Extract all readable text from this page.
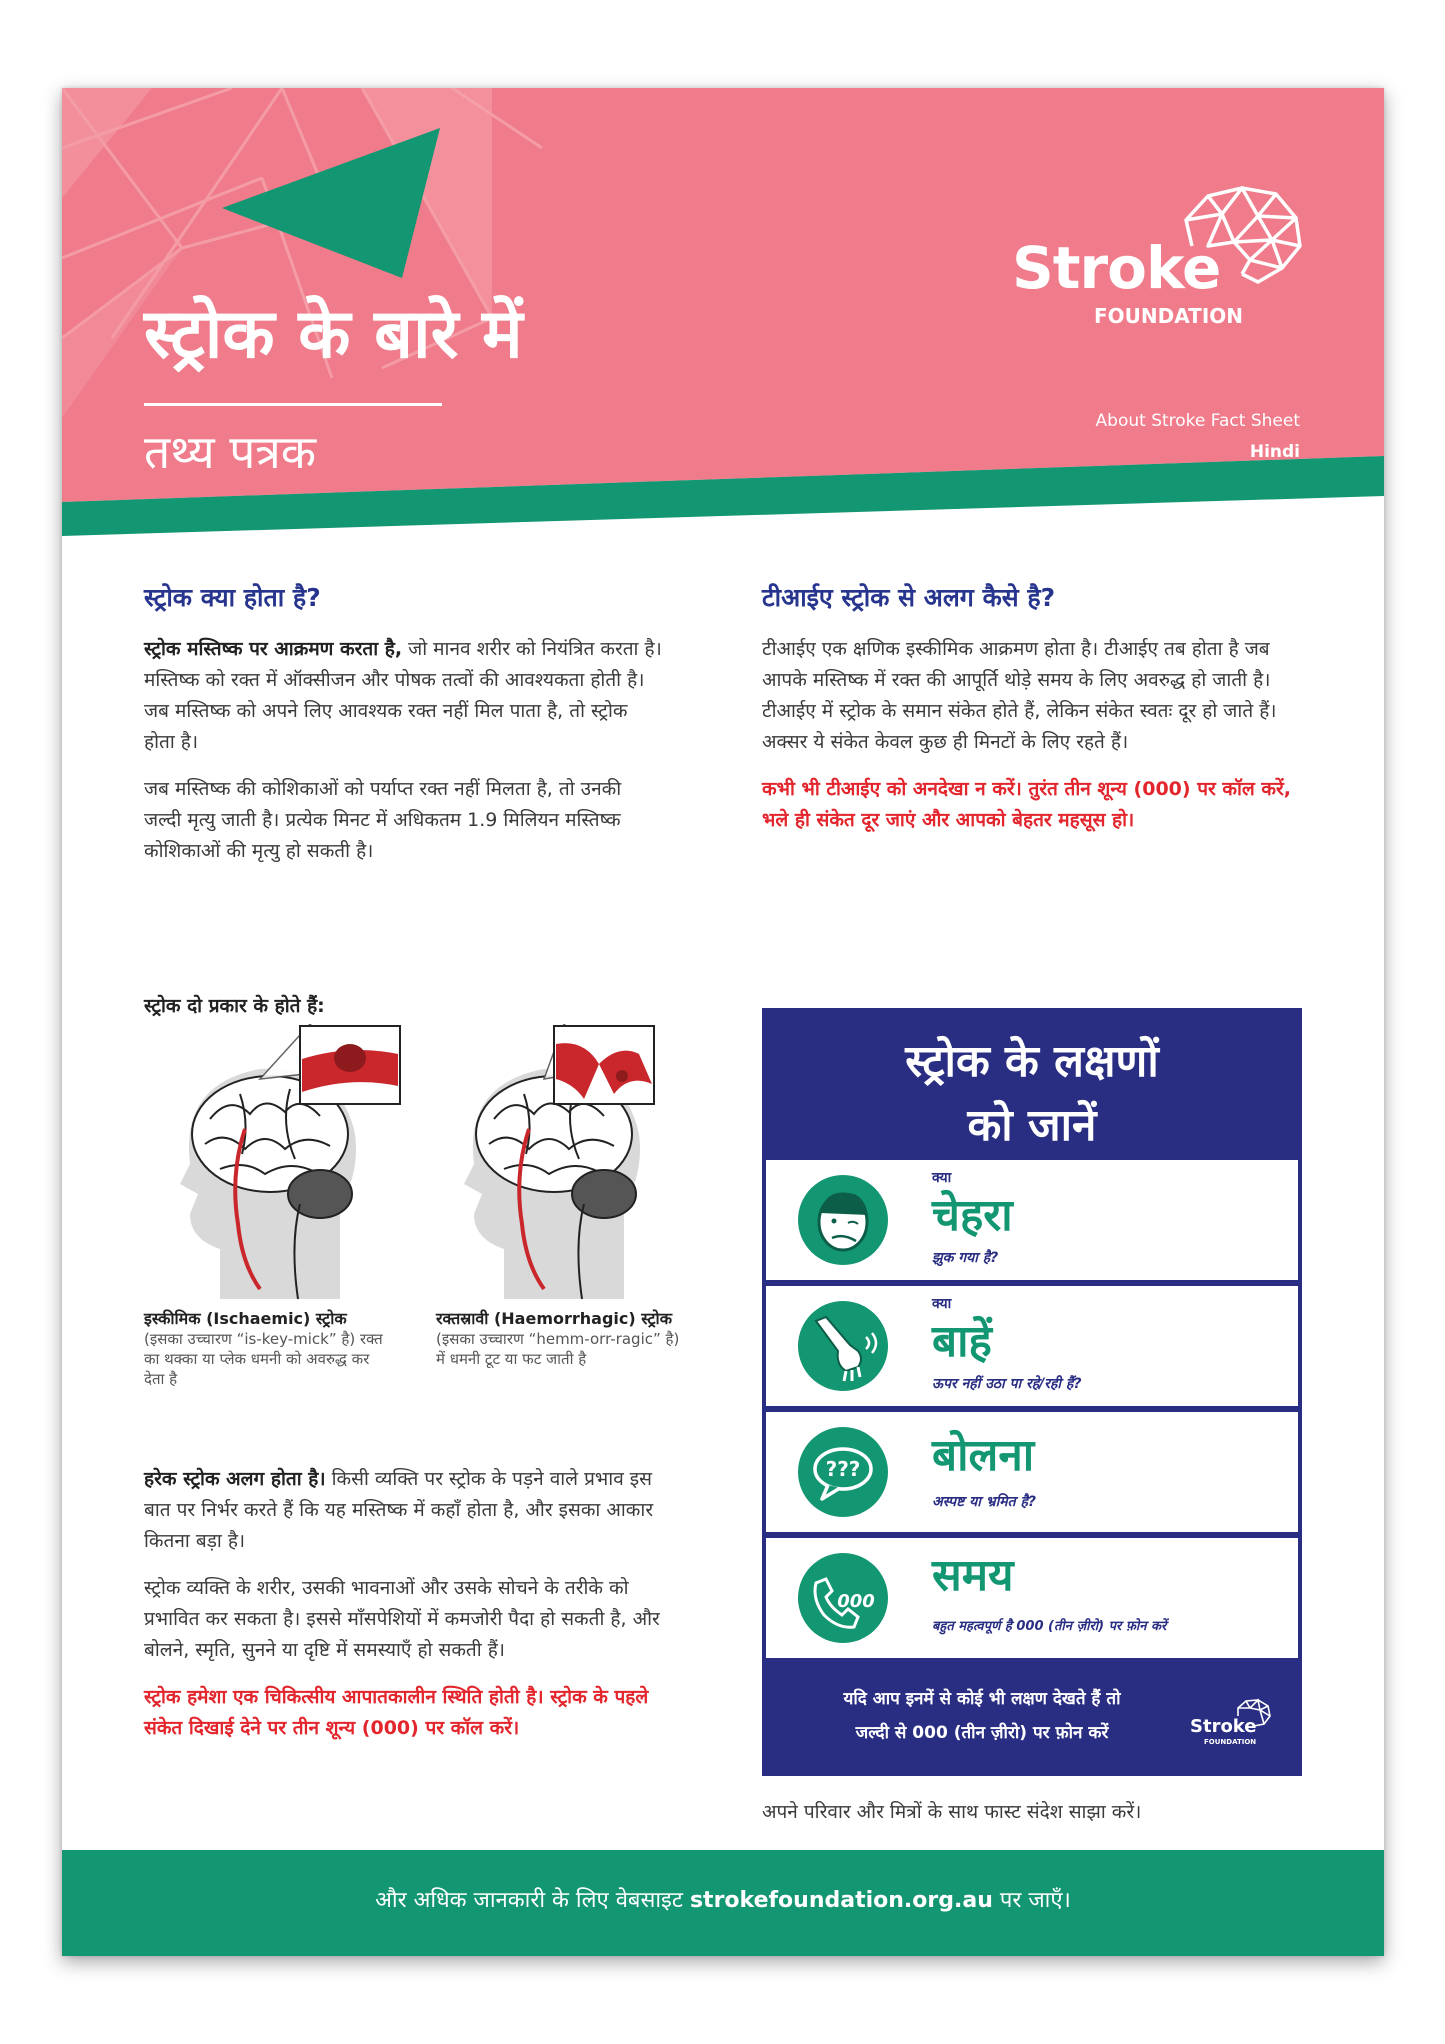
स्ट्रोक के बारे में
तथ्य पत्रक
Stroke
FOUNDATION
About Stroke Fact Sheet
Hindi
स्ट्रोक क्या होता है?

स्ट्रोक मस्तिष्क पर आक्रमण करता है, जो मानव शरीर को नियंत्रित करता है। मस्तिष्क को रक्त में ऑक्सीजन और पोषक तत्वों की आवश्यकता होती है। जब मस्तिष्क को अपने लिए आवश्यक रक्त नहीं मिल पाता है, तो स्ट्रोक होता है।

जब मस्तिष्क की कोशिकाओं को पर्याप्त रक्त नहीं मिलता है, तो उनकी जल्दी मृत्यु जाती है। प्रत्येक मिनट में अधिकतम 1.9 मिलियन मस्तिष्क कोशिकाओं की मृत्यु हो सकती है।

स्ट्रोक दो प्रकार के होते हैं:
इस्कीमिक (Ischaemic) स्ट्रोक
(इसका उच्चारण “is-key-mick” है) रक्त का थक्का या प्लेक धमनी को अवरुद्ध कर देता है
रक्तस्रावी (Haemorrhagic) स्ट्रोक
(इसका उच्चारण “hemm-orr-ragic” है) में धमनी टूट या फट जाती है

हरेक स्ट्रोक अलग होता है। किसी व्यक्ति पर स्ट्रोक के पड़ने वाले प्रभाव इस बात पर निर्भर करते हैं कि यह मस्तिष्क में कहाँ होता है, और इसका आकार कितना बड़ा है।

स्ट्रोक व्यक्ति के शरीर, उसकी भावनाओं और उसके सोचने के तरीके को प्रभावित कर सकता है। इससे माँसपेशियों में कमजोरी पैदा हो सकती है, और बोलने, स्मृति, सुनने या दृष्टि में समस्याएँ हो सकती हैं।

स्ट्रोक हमेशा एक चिकित्सीय आपातकालीन स्थिति होती है। स्ट्रोक के पहले संकेत दिखाई देने पर तीन शून्य (000) पर कॉल करें।

टीआईए स्ट्रोक से अलग कैसे है?

टीआईए एक क्षणिक इस्कीमिक आक्रमण होता है। टीआईए तब होता है जब आपके मस्तिष्क में रक्त की आपूर्ति थोड़े समय के लिए अवरुद्ध हो जाती है। टीआईए में स्ट्रोक के समान संकेत होते हैं, लेकिन संकेत स्वतः दूर हो जाते हैं। अक्सर ये संकेत केवल कुछ ही मिनटों के लिए रहते हैं।

कभी भी टीआईए को अनदेखा न करें। तुरंत तीन शून्य (000) पर कॉल करें, भले ही संकेत दूर जाएं और आपको बेहतर महसूस हो।

स्ट्रोक के लक्षणों
को जानें
क्या
चेहरा
झुक गया है?
क्या
बाहें
ऊपर नहीं उठा पा रहे/रही हैं?
??? बोलना
अस्पष्ट या भ्रमित है?
000
समय
बहुत महत्वपूर्ण है 000 (तीन ज़ीरो) पर फ़ोन करें
यदि आप इनमें से कोई भी लक्षण देखते हैं तो
जल्दी से 000 (तीन ज़ीरो) पर फ़ोन करें	Stroke
FOUNDATION

अपने परिवार और मित्रों के साथ फास्ट संदेश साझा करें।

और अधिक जानकारी के लिए वेबसाइट strokefoundation.org.au पर जाएँ।
